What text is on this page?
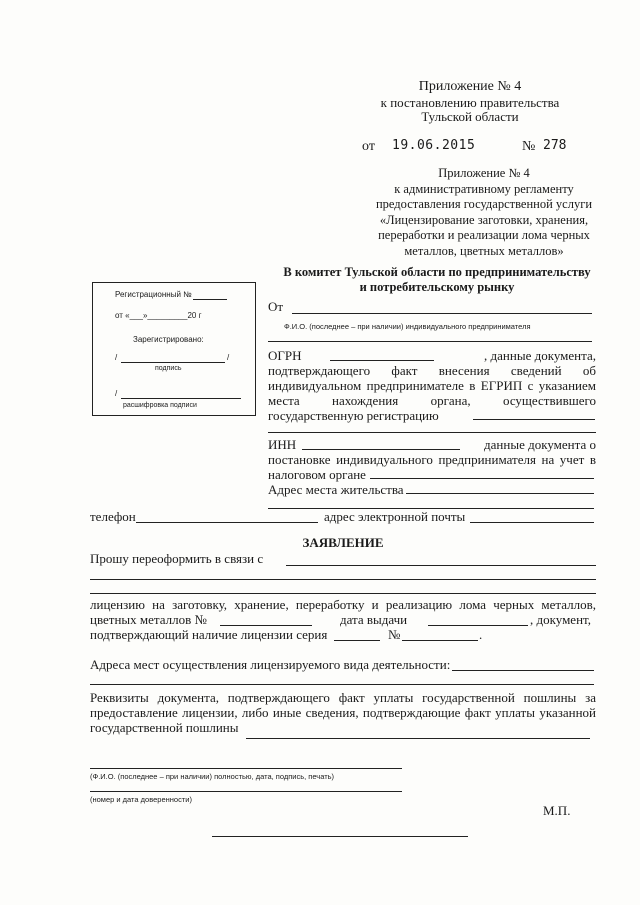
Приложение № 4
к постановлению правительства
Тульской области
от 19.06.2015	№ 278
Приложение № 4
к административному регламенту
предоставления государственной услуги
«Лицензирование заготовки, хранения,
переработки и реализации лома черных
металлов, цветных металлов»
В комитет Тульской области по предпринимательству
и потребительскому рынку
Регистрационный №
от «___»_________20 г
Зарегистрировано:
/	/
подпись
/
расшифровка подписи
От
Ф.И.О. (последнее – при наличии) индивидуального предпринимателя
ОГРН	, данные документа,
подтверждающего факт внесения сведений об
индивидуальном предпринимателе в ЕГРИП с указанием
места нахождения органа, осуществившего
государственную регистрацию
ИНН	данные документа о
постановке индивидуального предпринимателя на учет в
налоговом органе
Адрес места жительства
телефон	адрес электронной почты
ЗАЯВЛЕНИЕ
Прошу переоформить в связи с
лицензию на заготовку, хранение, переработку и реализацию лома черных металлов,
цветных металлов №	дата выдачи	, документ,
подтверждающий наличие лицензии серия	№	.
Адреса мест осуществления лицензируемого вида деятельности:
Реквизиты документа, подтверждающего факт уплаты государственной пошлины за
предоставление лицензии, либо иные сведения, подтверждающие факт уплаты указанной
государственной пошлины
(Ф.И.О. (последнее – при наличии) полностью, дата, подпись, печать)
(номер и дата доверенности)
М.П.
